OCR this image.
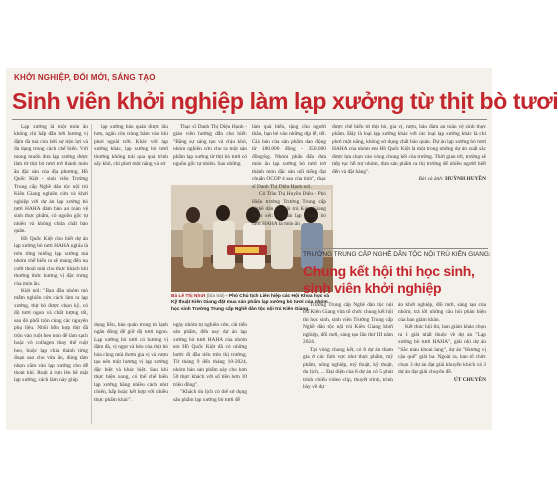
KHỞI NGHIỆP, ĐỔI MỚI, SÁNG TẠO
Sinh viên khởi nghiệp làm lạp xưởng từ thịt bò tươi

Lạp xưởng là một món ăn không chỉ hấp dẫn bởi hương vị đậm đà mà còn bởi sự tiện lợi và đa dạng trong cách chế biến. Với mong muốn đưa lạp xưởng được làm từ thịt bò tươi trở thành món ăn đặc sản của địa phương, Hồ Quốc Kiệt - sinh viên Trường Trung cấp Nghề dân tộc nội trú Kiên Giang nghiên cứu và khởi nghiệp với dự án lạp xưởng bò tươi HAHA đảm bảo an toàn vệ sinh thực phẩm, có nguồn gốc tự nhiên và không chứa chất bảo quản.

Hồ Quốc Kiệt cho biết dự án lạp xưởng bò tươi HAHA nghĩa là trên từng miếng lạp xưởng mà nhóm chế biến ra sẽ mang đến nụ cười thoải mái cho thực khách khi thưởng thức hương vị đặc trưng của món ăn.

Kiệt nói: "Ban đầu nhóm mò mẫm nghiên cứu cách làm ra lạp xưởng, thịt bò được chọn kỹ, có độ tươi ngon và chất lượng tốt, sau đó phối trộn cùng các nguyên phụ liệu. Nhồi hỗn hợp thịt đã trộn vào ruột heo non để làm sạch hoặc vỏ collagen thay thế ruột heo, buộc lạp chia thành từng đoạn sao cho vừa ăn, dùng tăm nhọn xăm vào lạp xưởng cho dễ thoát khí. Ruột à rựu lên bề mặt lạp xưởng, cách làm này giúp

lạp xưởng bảo quản được lâu hơn, ngăn côn trùng bám vào khi phơi ngoài trời. Khác với lạp xưởng khác, lạp xưởng bò tươi thường không trải qua quá trình sấy khô, chỉ phơi một nắng và sử

Thạc sĩ Danh Thị Diệu Hạnh - giáo viên hướng dẫn cho biết: "Bằng sự sáng tạo và chịu khó, nhóm nghiên cứu cho ra một sản phẩm lạp xưởng từ thịt bò tươi có nguồn gốc tự nhiên. Sau những

Bà Lê Thị Nhứt (bìa trái) - Phó Chủ tịch Liên hiệp các Hội Khoa học và Kỹ thuật Kiên Giang đặt mua sản phẩm lạp xưởng bò tươi của nhóm học sinh Trường Trung cấp Nghề dân tộc nội trú Kiên Giang.

dụng liền, bảo quản trong tủ lạnh ngăn đông để giữ độ tươi ngon. Lạp xưởng bò tươi có hương vị đậm đà, vị ngọt và béo của thịt bò hòa cùng mùi thơm gia vị và rượu tạo nên một hương vị lạp xưởng đặc biệt và khác biệt. Sau khi thực hiện xong, có thể chế biến lạp xưởng bằng nhiều cách như chiên, hấp hoặc kết hợp với nhiều thực phẩm khác".

ngày nhóm tự nghiên cứu, cải tiến sản phẩm, đến nay dự án lạp xưởng bò tươi HAHA của nhóm em Hồ Quốc Kiệt đã có những bước đi đầu tiên trên thị trường. Từ tháng 9 đến tháng 10-2024, nhóm bán sản phẩm này cho hơn 50 thực khách với số tiền hơn 10 triệu đồng".

"Khách du lịch có thể sử dụng sản phẩm lạp xưởng bò tươi để

làm quà biếu, tặng cho người thân, bạn bè vào những dịp lễ, tết. Giá bán của sản phẩm dao động từ 180.000 đồng - 350.000 đồng/kg. Nhóm phấn đấu đưa món ăn lạp xưởng bò tươi trở thành món đặc sản nổi tiếng đạt chuẩn OCOP 4 sao của tỉnh", thạc sĩ Danh Thị Diệu Hạnh nói.

Cô Trần Thị Huyền Diệu - Phó Hiệu trưởng Trường Trung cấp Nghề dân tộc nội trú Kiên Giang nhận xét: "Dự án lạp xưởng bò tươi HAHA là món ăn

được chế biến từ thịt bò, gia vị, rượu, bảo đảm an toàn vệ sinh thực phẩm. Đây là loại lạp xưởng khác với các loại lạp xưởng khác là chỉ phơi một nắng, không sử dụng chất bảo quản. Dự án lạp xưởng bò tươi HAHA của nhóm em Hồ Quốc Kiệt là một trong những dự án xuất sắc được lựa chọn vào vòng chung kết của trường. Thời gian tới, trường sẽ tiếp tục hỗ trợ nhóm, đưa sản phẩm ra thị trường để nhiều người biết đến và đặt hàng".

Bài và ảnh: HUỲNH HUYỀN

TRƯỜNG TRUNG CẤP NGHỀ DÂN TỘC NỘI TRÚ KIÊN GIANG:
Chung kết hội thi học sinh, sinh viên khởi nghiệp

Trường Trung cấp Nghề dân tộc nội trú Kiên Giang vừa tổ chức chung kết hội thi học sinh, sinh viên Trường Trung cấp Nghề dân tộc nội trú Kiên Giang khởi nghiệp, đổi mới, sáng tạo lần thứ III năm 2024.

Tại vòng chung kết, có 8 dự án tham gia ở các lĩnh vực như thực phẩm, mỹ phẩm, nông nghiệp, mỹ thuật, kỹ thuật, du lịch, ... Đại diện của 8 dự án có 5 phút trình chiếu video clip, thuyết trình, trình bày về dự

án khởi nghiệp, đổi mới, sáng tạo của nhóm; trả lời những câu hỏi phản biện của ban giám khảo.

Kết thúc hội thi, ban giám khảo chọn ra 1 giải nhất thuộc về dự án "Lạp xưởng bò tươi HAHA", giải nhì dự án "Sắc màu khoai lang", dự án "Hương vị cậu quế" giải ba. Ngoài ra, ban tổ chức chọn 3 dự án đạt giải khuyến khích và 3 dự án đạt giải chuyên đề.

ÚT CHUYÊN
